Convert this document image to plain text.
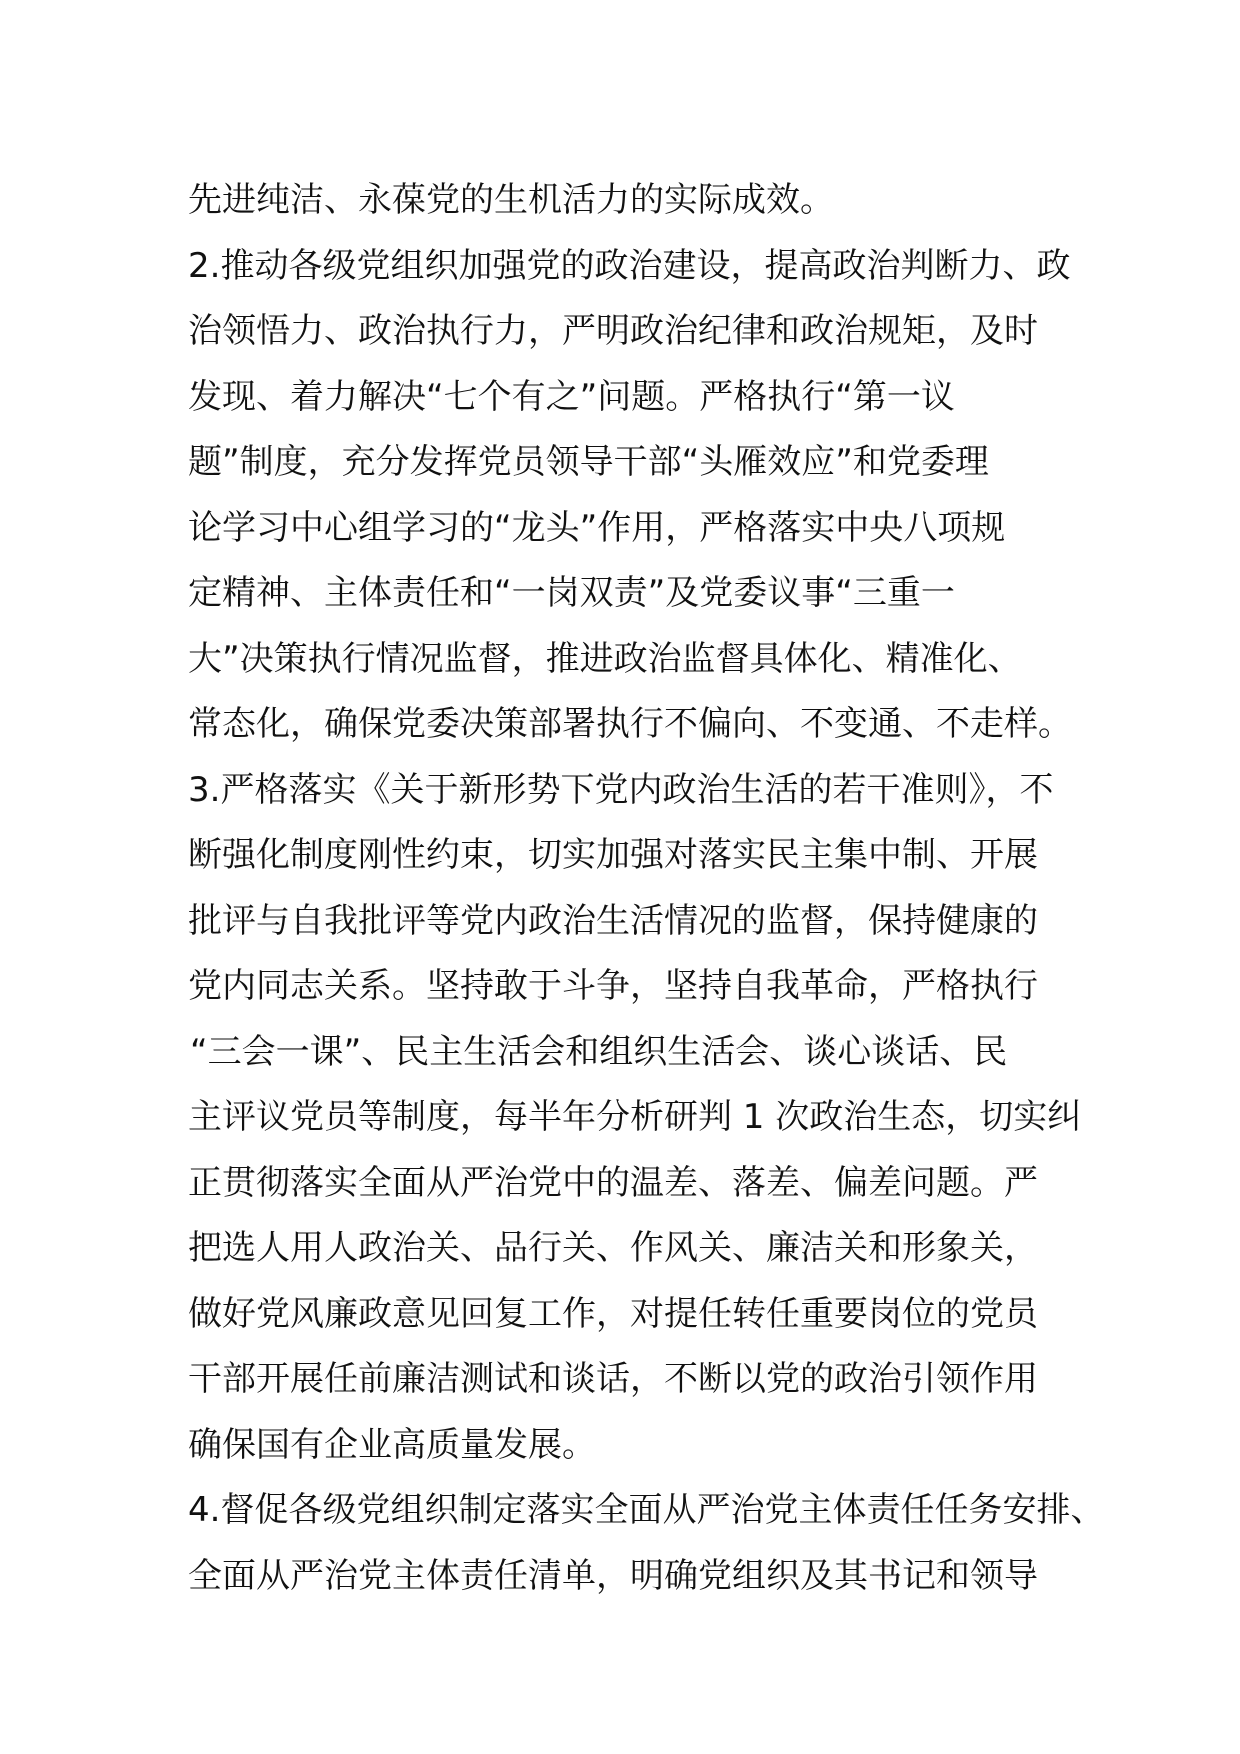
先进纯洁、永葆党的生机活力的实际成效。
2.推动各级党组织加强党的政治建设，提高政治判断力、政
治领悟力、政治执行力，严明政治纪律和政治规矩，及时
发现、着力解决“七个有之”问题。严格执行“第一议
题”制度，充分发挥党员领导干部“头雁效应”和党委理
论学习中心组学习的“龙头”作用，严格落实中央八项规
定精神、主体责任和“一岗双责”及党委议事“三重一
大”决策执行情况监督，推进政治监督具体化、精准化、
常态化，确保党委决策部署执行不偏向、不变通、不走样。
3.严格落实《关于新形势下党内政治生活的若干准则》，不
断强化制度刚性约束，切实加强对落实民主集中制、开展
批评与自我批评等党内政治生活情况的监督，保持健康的
党内同志关系。坚持敢于斗争，坚持自我革命，严格执行
“三会一课”、民主生活会和组织生活会、谈心谈话、民
主评议党员等制度，每半年分析研判 1 次政治生态，切实纠
正贯彻落实全面从严治党中的温差、落差、偏差问题。严
把选人用人政治关、品行关、作风关、廉洁关和形象关，
做好党风廉政意见回复工作，对提任转任重要岗位的党员
干部开展任前廉洁测试和谈话，不断以党的政治引领作用
确保国有企业高质量发展。
4.督促各级党组织制定落实全面从严治党主体责任任务安排、
全面从严治党主体责任清单，明确党组织及其书记和领导
